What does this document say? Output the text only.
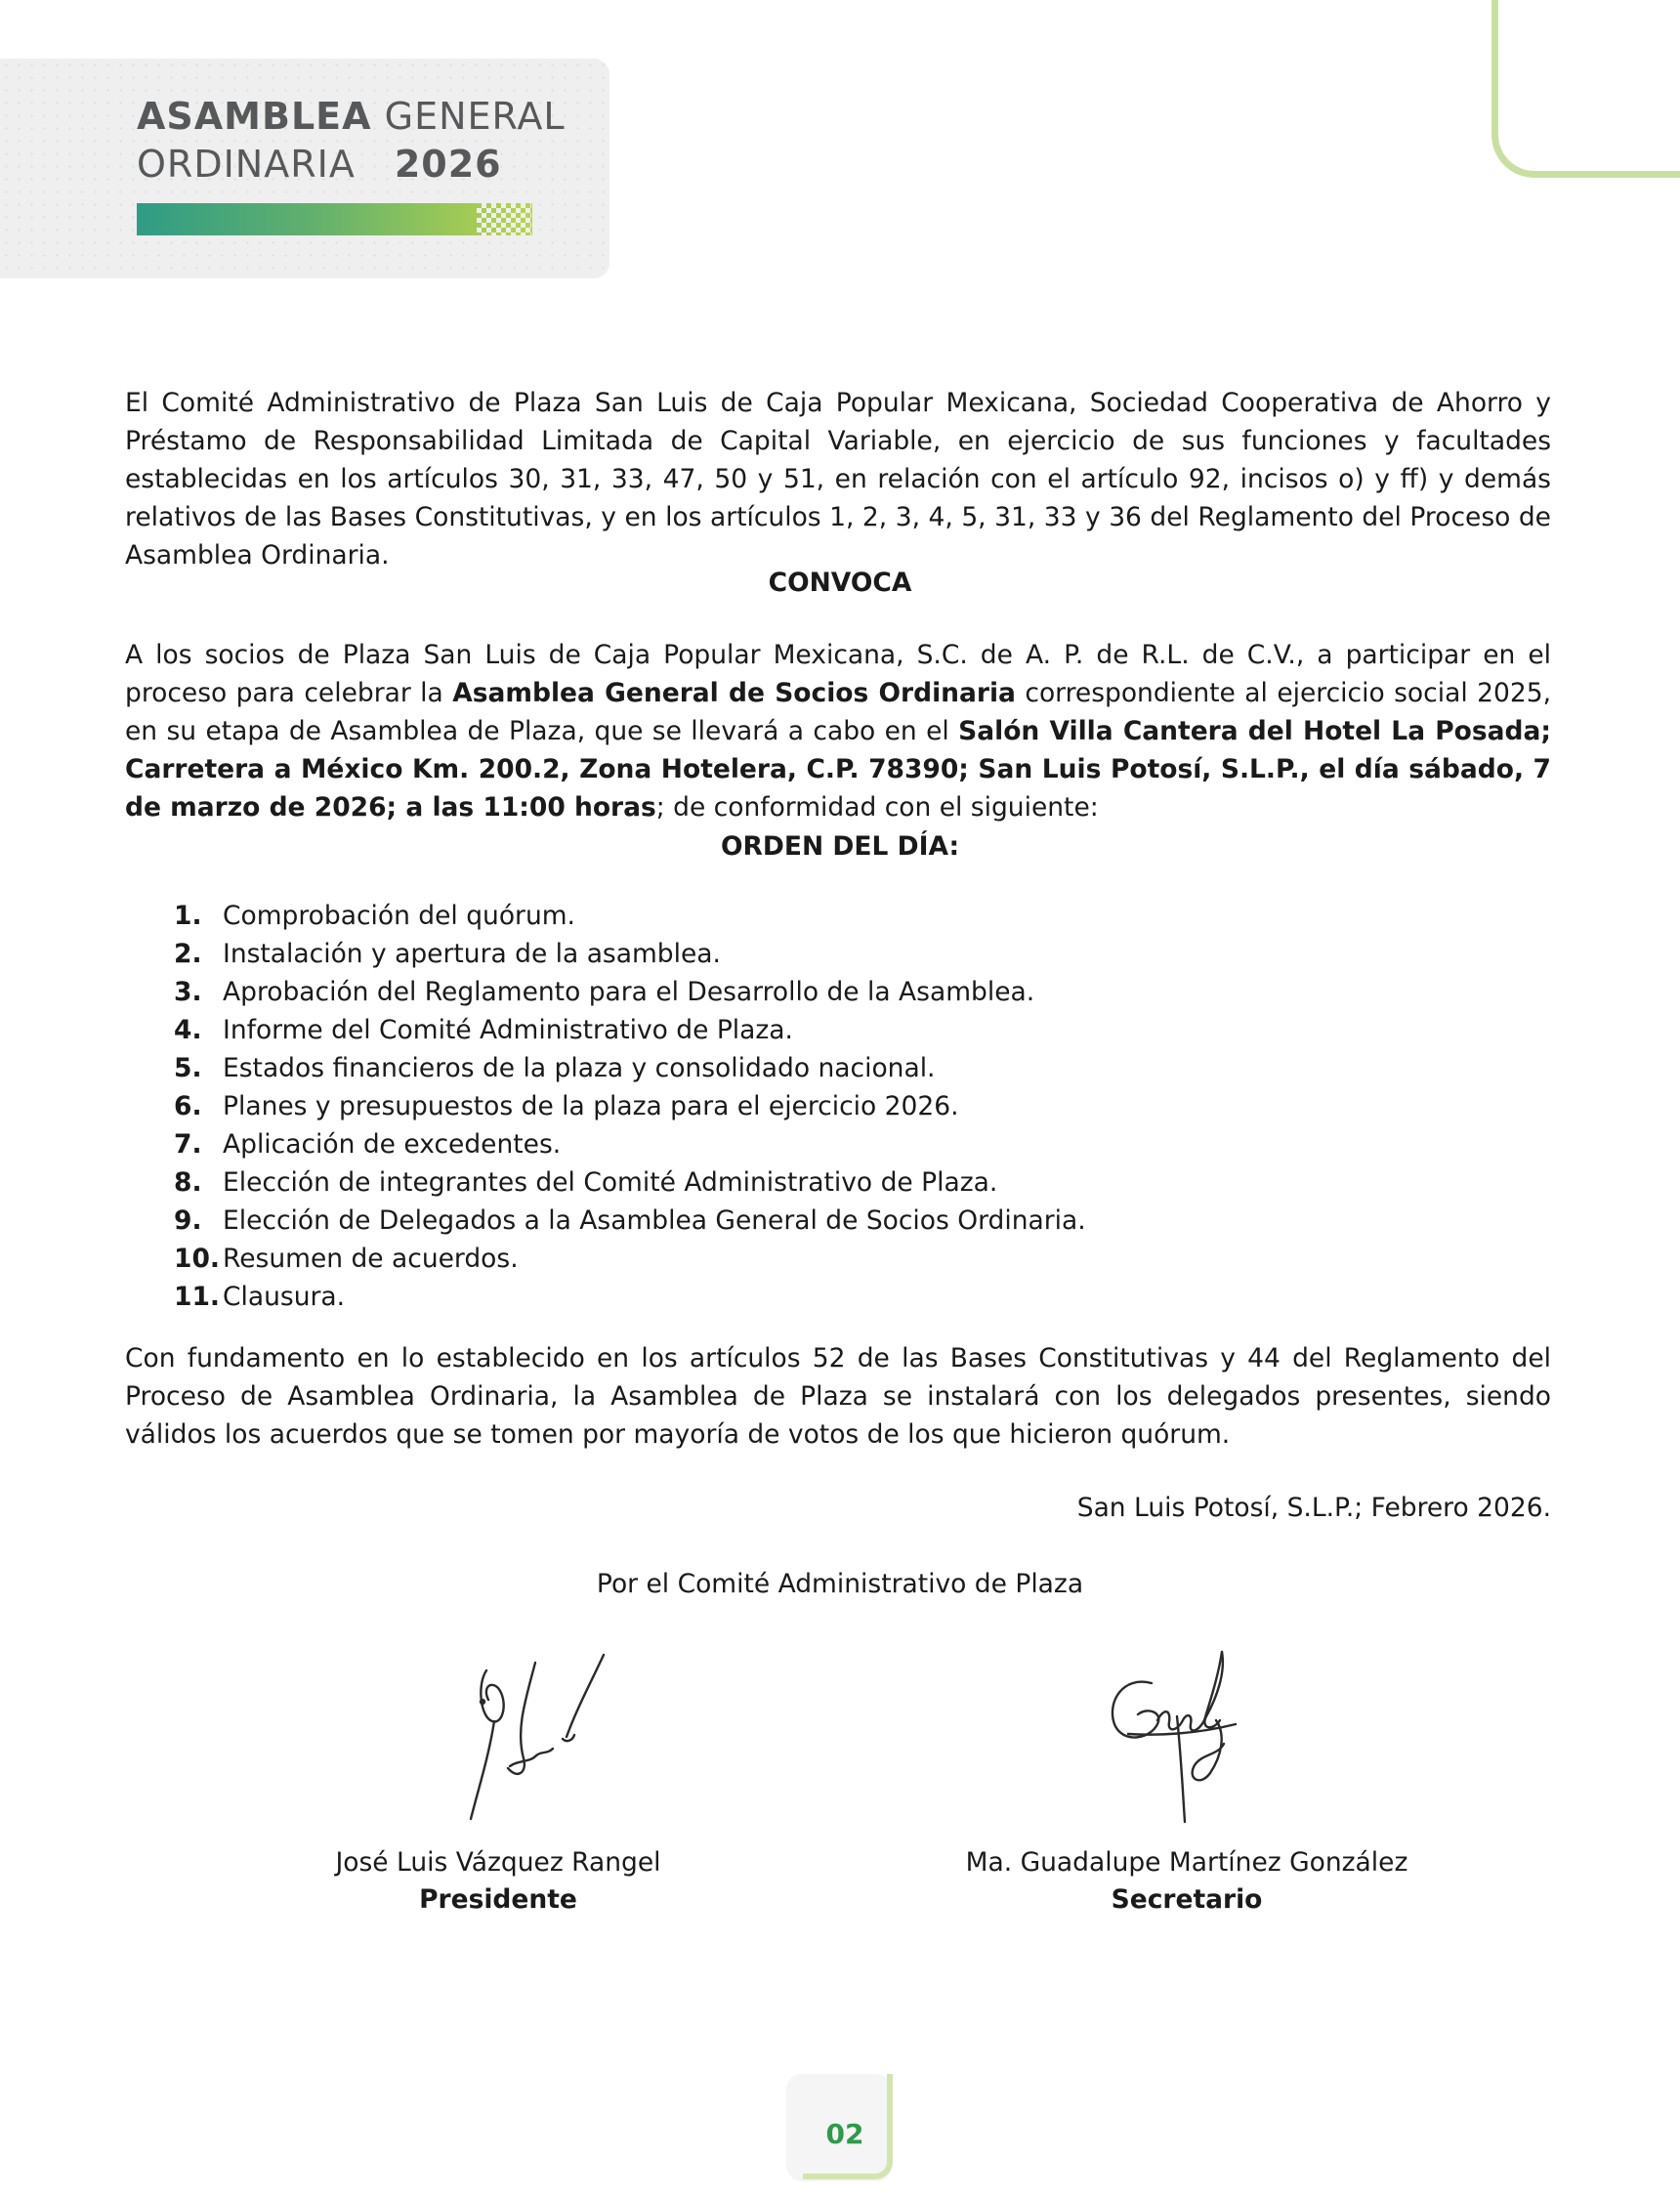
ASAMBLEA GENERAL
ORDINARIA 2026

El Comité Administrativo de Plaza San Luis de Caja Popular Mexicana, Sociedad Cooperativa de Ahorro y Préstamo de Responsabilidad Limitada de Capital Variable, en ejercicio de sus funciones y facultades establecidas en los artículos 30, 31, 33, 47, 50 y 51, en relación con el artículo 92, incisos o) y ff) y demás relativos de las Bases Constitutivas, y en los artículos 1, 2, 3, 4, 5, 31, 33 y 36 del Reglamento del Proceso de Asamblea Ordinaria.

CONVOCA

A los socios de Plaza San Luis de Caja Popular Mexicana, S.C. de A. P. de R.L. de C.V., a participar en el proceso para celebrar la Asamblea General de Socios Ordinaria correspondiente al ejercicio social 2025, en su etapa de Asamblea de Plaza, que se llevará a cabo en el Salón Villa Cantera del Hotel La Posada; Carretera a México Km. 200.2, Zona Hotelera, C.P. 78390; San Luis Potosí, S.L.P., el día sábado, 7 de marzo de 2026; a las 11:00 horas; de conformidad con el siguiente:

ORDEN DEL DÍA:

1. Comprobación del quórum.
2. Instalación y apertura de la asamblea.
3. Aprobación del Reglamento para el Desarrollo de la Asamblea.
4. Informe del Comité Administrativo de Plaza.
5. Estados financieros de la plaza y consolidado nacional.
6. Planes y presupuestos de la plaza para el ejercicio 2026.
7. Aplicación de excedentes.
8. Elección de integrantes del Comité Administrativo de Plaza.
9. Elección de Delegados a la Asamblea General de Socios Ordinaria.
10. Resumen de acuerdos.
11. Clausura.

Con fundamento en lo establecido en los artículos 52 de las Bases Constitutivas y 44 del Reglamento del Proceso de Asamblea Ordinaria, la Asamblea de Plaza se instalará con los delegados presentes, siendo válidos los acuerdos que se tomen por mayoría de votos de los que hicieron quórum.

San Luis Potosí, S.L.P.; Febrero 2026.
Por el Comité Administrativo de Plaza
José Luis Vázquez Rangel
Presidente
Ma. Guadalupe Martínez González
Secretario
02
